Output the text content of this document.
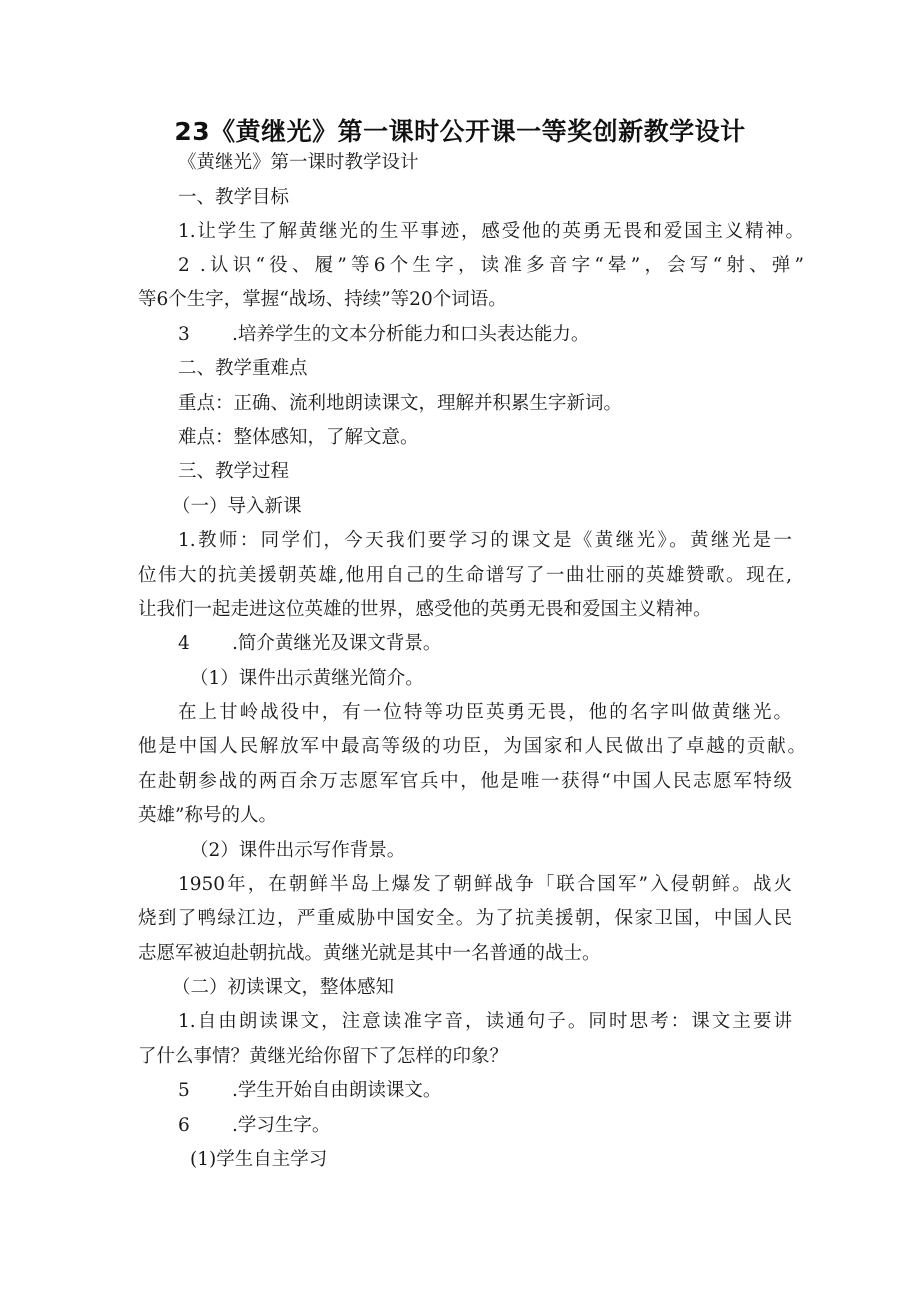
23《黄继光》第一课时公开课一等奖创新教学设计
《黄继光》第一课时教学设计
一、教学目标
1.让学生了解黄继光的生平事迹，感受他的英勇无畏和爱国主义精神。
2 .认识“役、履”等6个生字，读准多音字“晕”，会写“射、弹”
等6个生字，掌握“战场、持续”等20个词语。
3 .培养学生的文本分析能力和口头表达能力。
二、教学重难点
重点：正确、流利地朗读课文，理解并积累生字新词。
难点：整体感知，了解文意。
三、教学过程
（一）导入新课
1.教师：同学们，今天我们要学习的课文是《黄继光》。黄继光是一
位伟大的抗美援朝英雄,他用自己的生命谱写了一曲壮丽的英雄赞歌。现在,
让我们一起走进这位英雄的世界，感受他的英勇无畏和爱国主义精神。
4 .简介黄继光及课文背景。
（1）课件出示黄继光简介。
在上甘岭战役中，有一位特等功臣英勇无畏，他的名字叫做黄继光。
他是中国人民解放军中最高等级的功臣，为国家和人民做出了卓越的贡献。
在赴朝参战的两百余万志愿军官兵中，他是唯一获得“中国人民志愿军特级
英雄”称号的人。
（2）课件出示写作背景。
1950年，在朝鲜半岛上爆发了朝鲜战争「联合国军”入侵朝鲜。战火
烧到了鸭绿江边，严重威胁中国安全。为了抗美援朝，保家卫国，中国人民
志愿军被迫赴朝抗战。黄继光就是其中一名普通的战士。
（二）初读课文，整体感知
1.自由朗读课文，注意读准字音，读通句子。同时思考：课文主要讲
了什么事情？黄继光给你留下了怎样的印象？
5 .学生开始自由朗读课文。
6 .学习生字。
(1)学生自主学习
